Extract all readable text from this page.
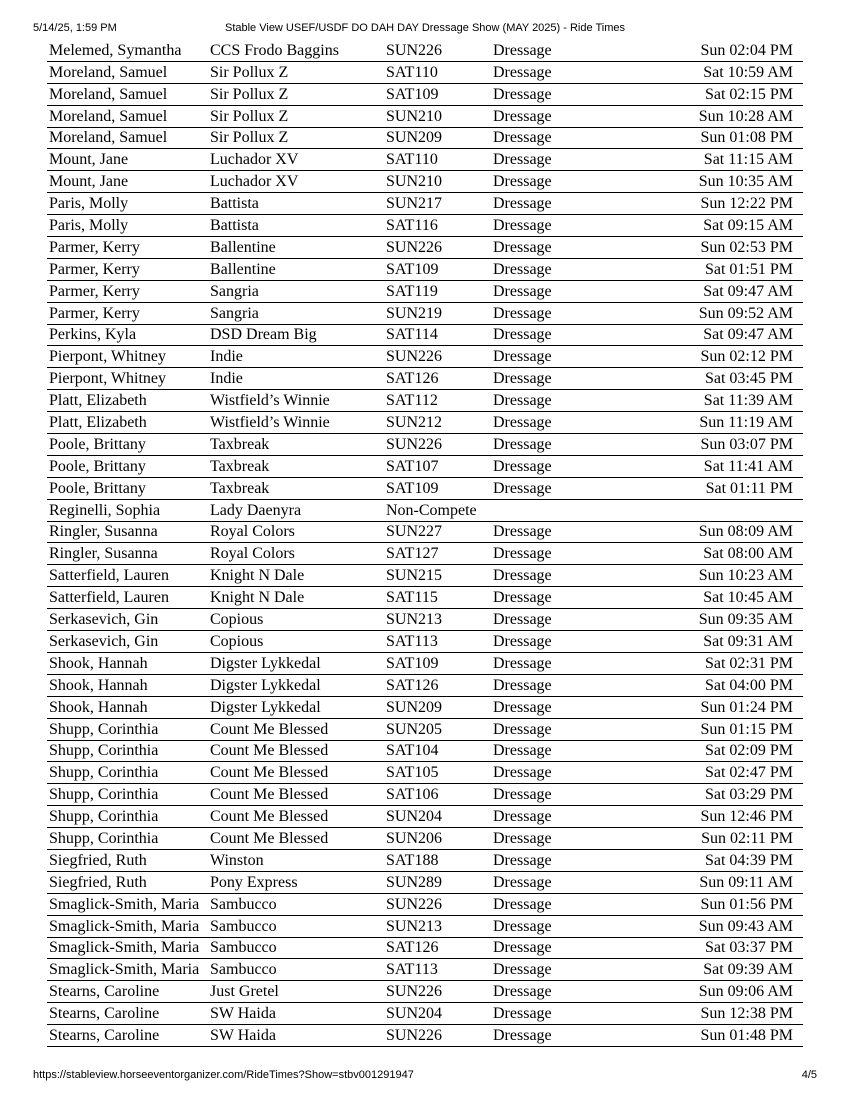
5/14/25, 1:59 PM	Stable View USEF/USDF DO DAH DAY Dressage Show (MAY 2025) - Ride Times
Melemed, Symantha	CCS Frodo Baggins	SUN226	Dressage	Sun 02:04 PM
Moreland, Samuel	Sir Pollux Z	SAT110	Dressage	Sat 10:59 AM
Moreland, Samuel	Sir Pollux Z	SAT109	Dressage	Sat 02:15 PM
Moreland, Samuel	Sir Pollux Z	SUN210	Dressage	Sun 10:28 AM
Moreland, Samuel	Sir Pollux Z	SUN209	Dressage	Sun 01:08 PM
Mount, Jane	Luchador XV	SAT110	Dressage	Sat 11:15 AM
Mount, Jane	Luchador XV	SUN210	Dressage	Sun 10:35 AM
Paris, Molly	Battista	SUN217	Dressage	Sun 12:22 PM
Paris, Molly	Battista	SAT116	Dressage	Sat 09:15 AM
Parmer, Kerry	Ballentine	SUN226	Dressage	Sun 02:53 PM
Parmer, Kerry	Ballentine	SAT109	Dressage	Sat 01:51 PM
Parmer, Kerry	Sangria	SAT119	Dressage	Sat 09:47 AM
Parmer, Kerry	Sangria	SUN219	Dressage	Sun 09:52 AM
Perkins, Kyla	DSD Dream Big	SAT114	Dressage	Sat 09:47 AM
Pierpont, Whitney	Indie	SUN226	Dressage	Sun 02:12 PM
Pierpont, Whitney	Indie	SAT126	Dressage	Sat 03:45 PM
Platt, Elizabeth	Wistfield’s Winnie	SAT112	Dressage	Sat 11:39 AM
Platt, Elizabeth	Wistfield’s Winnie	SUN212	Dressage	Sun 11:19 AM
Poole, Brittany	Taxbreak	SUN226	Dressage	Sun 03:07 PM
Poole, Brittany	Taxbreak	SAT107	Dressage	Sat 11:41 AM
Poole, Brittany	Taxbreak	SAT109	Dressage	Sat 01:11 PM
Reginelli, Sophia	Lady Daenyra	Non-Compete		
Ringler, Susanna	Royal Colors	SUN227	Dressage	Sun 08:09 AM
Ringler, Susanna	Royal Colors	SAT127	Dressage	Sat 08:00 AM
Satterfield, Lauren	Knight N Dale	SUN215	Dressage	Sun 10:23 AM
Satterfield, Lauren	Knight N Dale	SAT115	Dressage	Sat 10:45 AM
Serkasevich, Gin	Copious	SUN213	Dressage	Sun 09:35 AM
Serkasevich, Gin	Copious	SAT113	Dressage	Sat 09:31 AM
Shook, Hannah	Digster Lykkedal	SAT109	Dressage	Sat 02:31 PM
Shook, Hannah	Digster Lykkedal	SAT126	Dressage	Sat 04:00 PM
Shook, Hannah	Digster Lykkedal	SUN209	Dressage	Sun 01:24 PM
Shupp, Corinthia	Count Me Blessed	SUN205	Dressage	Sun 01:15 PM
Shupp, Corinthia	Count Me Blessed	SAT104	Dressage	Sat 02:09 PM
Shupp, Corinthia	Count Me Blessed	SAT105	Dressage	Sat 02:47 PM
Shupp, Corinthia	Count Me Blessed	SAT106	Dressage	Sat 03:29 PM
Shupp, Corinthia	Count Me Blessed	SUN204	Dressage	Sun 12:46 PM
Shupp, Corinthia	Count Me Blessed	SUN206	Dressage	Sun 02:11 PM
Siegfried, Ruth	Winston	SAT188	Dressage	Sat 04:39 PM
Siegfried, Ruth	Pony Express	SUN289	Dressage	Sun 09:11 AM
Smaglick-Smith, Maria	Sambucco	SUN226	Dressage	Sun 01:56 PM
Smaglick-Smith, Maria	Sambucco	SUN213	Dressage	Sun 09:43 AM
Smaglick-Smith, Maria	Sambucco	SAT126	Dressage	Sat 03:37 PM
Smaglick-Smith, Maria	Sambucco	SAT113	Dressage	Sat 09:39 AM
Stearns, Caroline	Just Gretel	SUN226	Dressage	Sun 09:06 AM
Stearns, Caroline	SW Haida	SUN204	Dressage	Sun 12:38 PM
Stearns, Caroline	SW Haida	SUN226	Dressage	Sun 01:48 PM
https://stableview.horseeventorganizer.com/RideTimes?Show=stbv001291947	4/5
